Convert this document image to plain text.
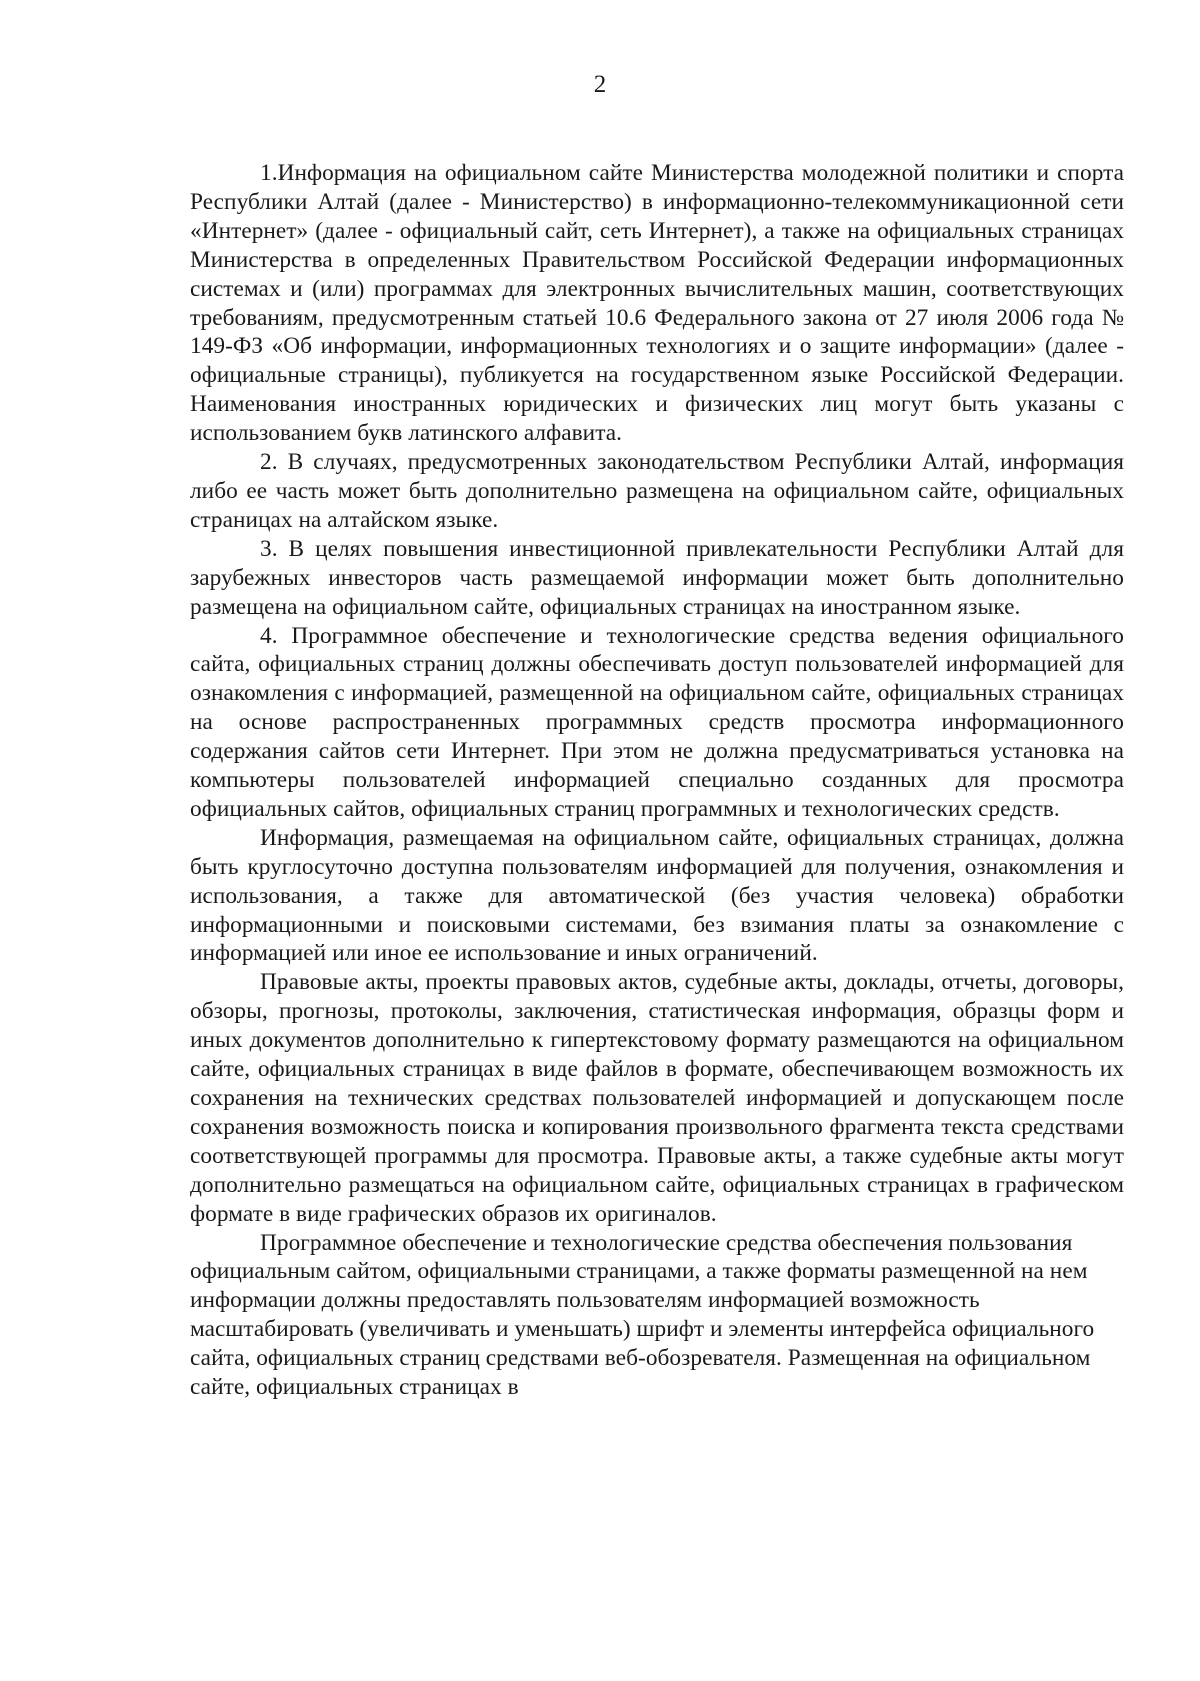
2

1.Информация на официальном сайте Министерства молодежной политики и спорта Республики Алтай (далее - Министерство) в информационно-телекоммуникационной сети «Интернет» (далее - официальный сайт, сеть Интернет), а также на официальных страницах Министерства в определенных Правительством Российской Федерации информационных системах и (или) программах для электронных вычислительных машин, соответствующих требованиям, предусмотренным статьей 10.6 Федерального закона от 27 июля 2006 года № 149-ФЗ «Об информации, информационных технологиях и о защите информации» (далее - официальные страницы), публикуется на государственном языке Российской Федерации. Наименования иностранных юридических и физических лиц могут быть указаны с использованием букв латинского алфавита.

2. В случаях, предусмотренных законодательством Республики Алтай, информация либо ее часть может быть дополнительно размещена на официальном сайте, официальных страницах на алтайском языке.

3. В целях повышения инвестиционной привлекательности Республики Алтай для зарубежных инвесторов часть размещаемой информации может быть дополнительно размещена на официальном сайте, официальных страницах на иностранном языке.

4. Программное обеспечение и технологические средства ведения официального сайта, официальных страниц должны обеспечивать доступ пользователей информацией для ознакомления с информацией, размещенной на официальном сайте, официальных страницах на основе распространенных программных средств просмотра информационного содержания сайтов сети Интернет. При этом не должна предусматриваться установка на компьютеры пользователей информацией специально созданных для просмотра официальных сайтов, официальных страниц программных и технологических средств.

Информация, размещаемая на официальном сайте, официальных страницах, должна быть круглосуточно доступна пользователям информацией для получения, ознакомления и использования, а также для автоматической (без участия человека) обработки информационными и поисковыми системами, без взимания платы за ознакомление с информацией или иное ее использование и иных ограничений.

Правовые акты, проекты правовых актов, судебные акты, доклады, отчеты, договоры, обзоры, прогнозы, протоколы, заключения, статистическая информация, образцы форм и иных документов дополнительно к гипертекстовому формату размещаются на официальном сайте, официальных страницах в виде файлов в формате, обеспечивающем возможность их сохранения на технических средствах пользователей информацией и допускающем после сохранения возможность поиска и копирования произвольного фрагмента текста средствами соответствующей программы для просмотра. Правовые акты, а также судебные акты могут дополнительно размещаться на официальном сайте, официальных страницах в графическом формате в виде графических образов их оригиналов.

Программное обеспечение и технологические средства обеспечения пользования официальным сайтом, официальными страницами, а также форматы размещенной на нем информации должны предоставлять пользователям информацией возможность масштабировать (увеличивать и уменьшать) шрифт и элементы интерфейса официального сайта, официальных страниц средствами веб-обозревателя. Размещенная на официальном сайте, официальных страницах в
